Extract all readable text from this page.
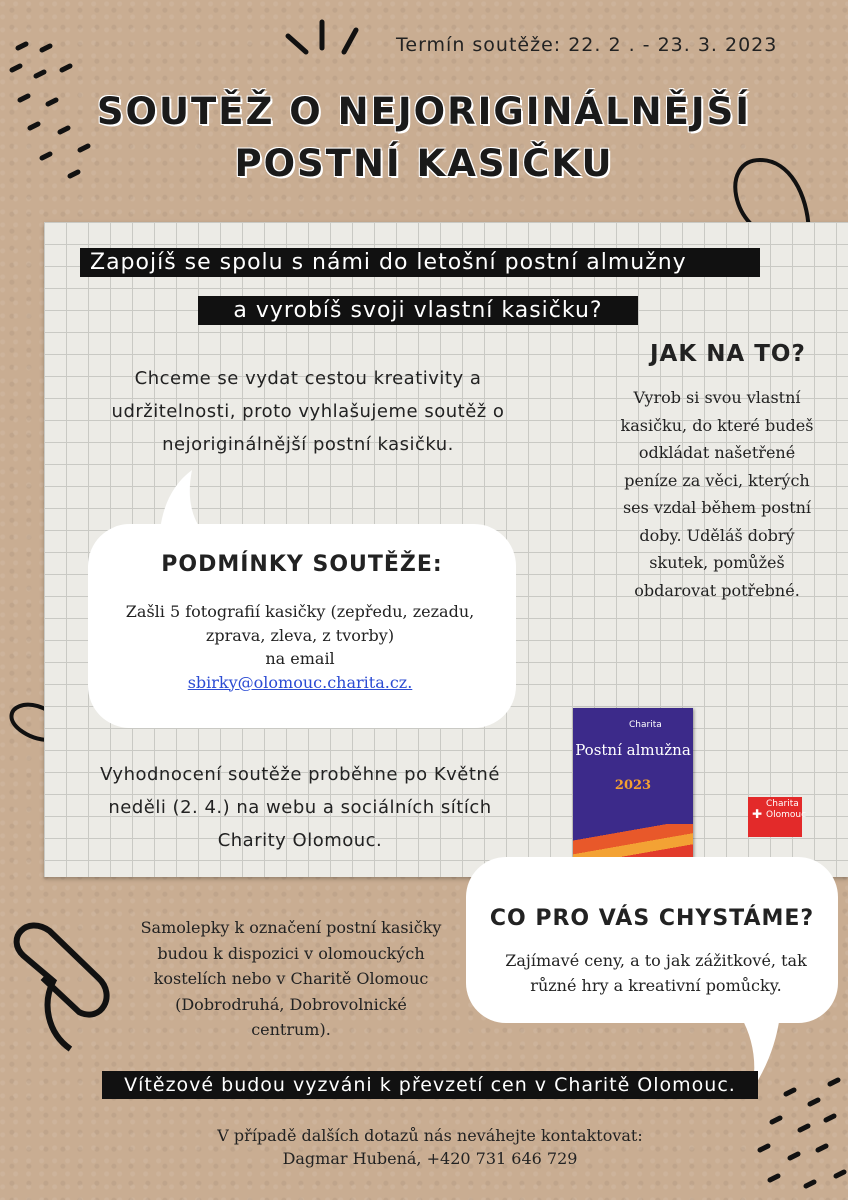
Termín soutěže: 22. 2 . - 23. 3. 2023
SOUTĚŽ O NEJORIGINÁLNĚJŠÍ
POSTNÍ KASIČKU
Zapojíš se spolu s námi do letošní postní almužny
a vyrobíš svoji vlastní kasičku?
Chceme se vydat cestou kreativity a udržitelnosti, proto vyhlašujeme soutěž o nejoriginálnější postní kasičku.
JAK NA TO?
Vyrob si svou vlastní kasičku, do které budeš odkládat našetřené peníze za věci, kterých ses vzdal během postní doby. Uděláš dobrý skutek, pomůžeš obdarovat potřebné.
PODMÍNKY SOUTĚŽE:
Zašli 5 fotografií kasičky (zepředu, zezadu, zprava, zleva, z tvorby)
na email
sbirky@olomouc.charita.cz.
Vyhodnocení soutěže proběhne po Květné neděli (2. 4.) na webu a sociálních sítích Charity Olomouc.
Charita
Postní almužna
2023
✚
Charita
Olomouc
CO PRO VÁS CHYSTÁME?
Zajímavé ceny, a to jak zážitkové, tak různé hry a kreativní pomůcky.
Samolepky k označení postní kasičky budou k dispozici v olomouckých kostelích nebo v Charitě Olomouc (Dobrodruhá, Dobrovolnické centrum).
Vítězové budou vyzváni k převzetí cen v Charitě Olomouc.
V případě dalších dotazů nás neváhejte kontaktovat:
Dagmar Hubená, +420 731 646 729
